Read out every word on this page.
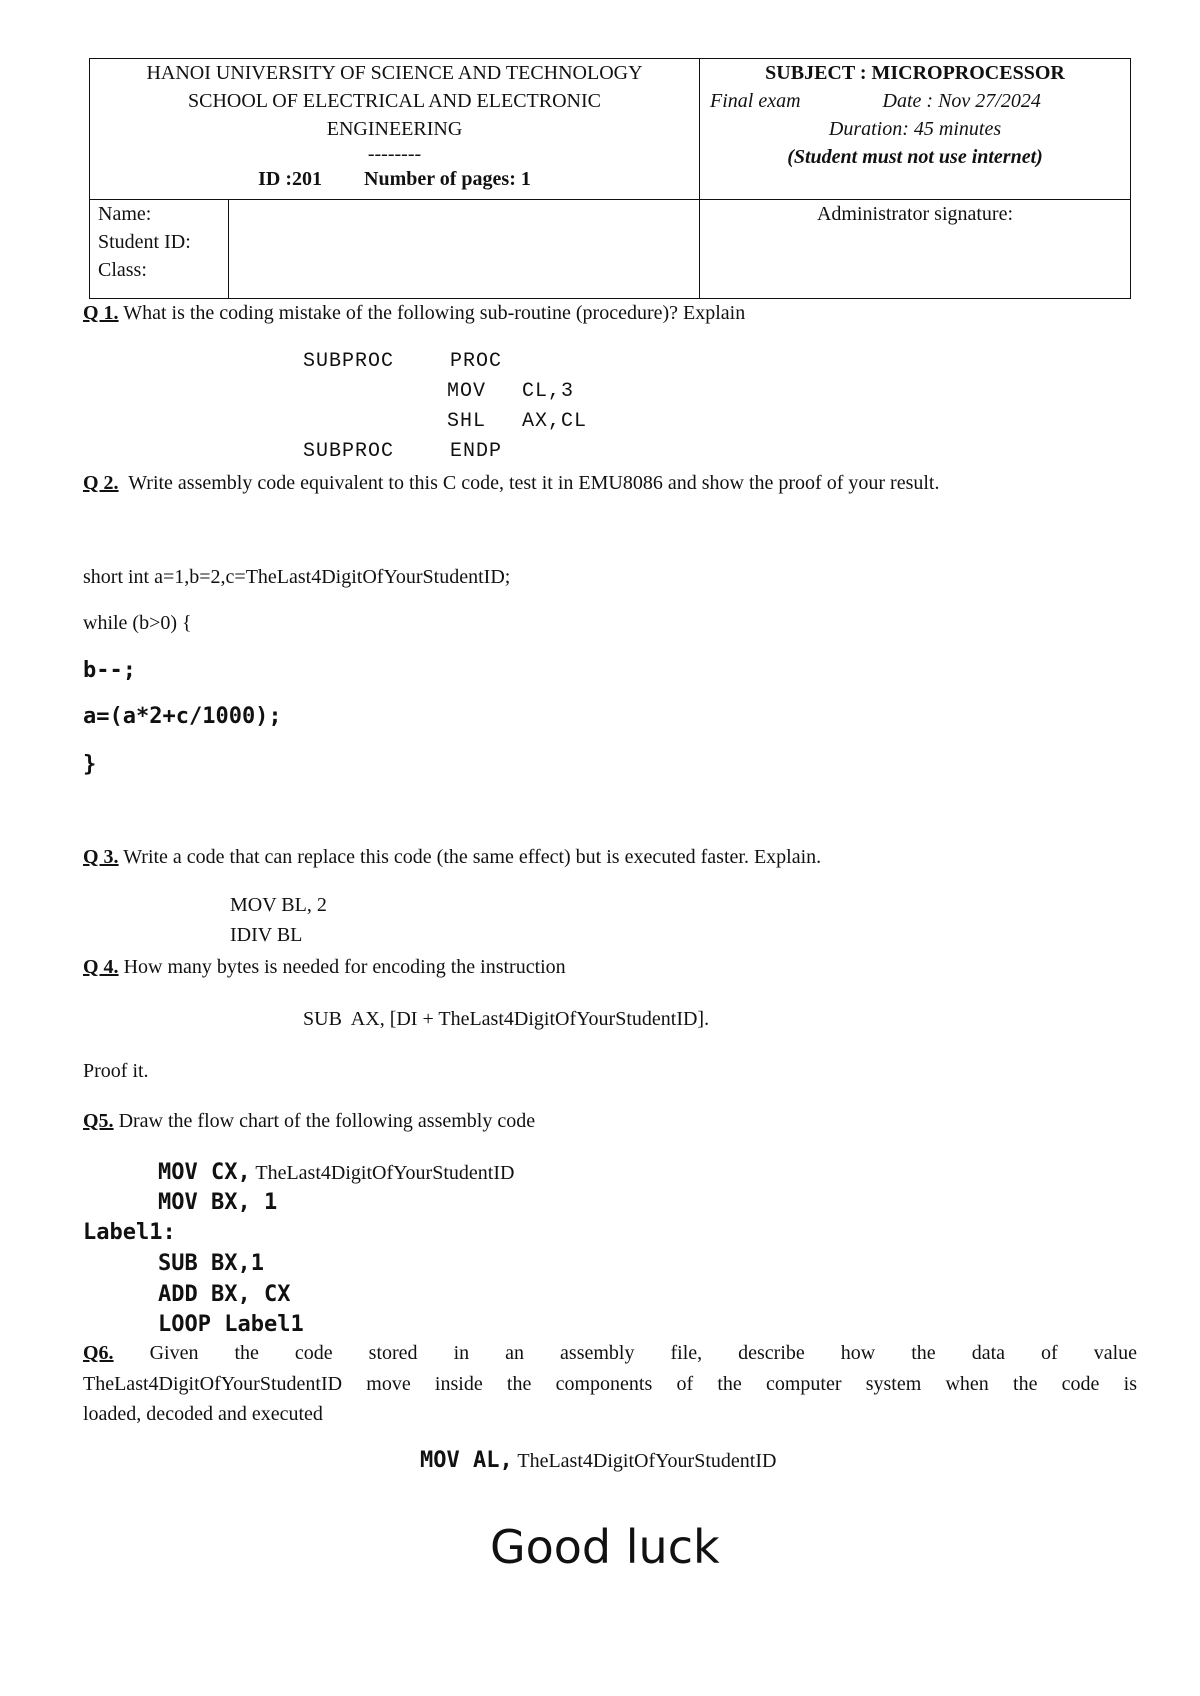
HANOI UNIVERSITY OF SCIENCE AND TECHNOLOGY
SCHOOL OF ELECTRICAL AND ELECTRONIC
ENGINEERING
--------
ID :201 Number of pages: 1		SUBJECT : MICROPROCESSOR
Final exam Date : Nov 27/2024
Duration: 45 minutes
(Student must not use internet)

Name:
Student ID:
Class:		Administrator signature:
Q 1. What is the coding mistake of the following sub-routine (procedure)? Explain
SUBPROC	PROC
MOV CL,3
SHL AX,CL
SUBPROC	ENDP
Q 2.  Write assembly code equivalent to this C code, test it in EMU8086 and show the proof of your result.
short int a=1,b=2,c=TheLast4DigitOfYourStudentID;
while (b>0) {
b--;
a=(a*2+c/1000);
}
Q 3. Write a code that can replace this code (the same effect) but is executed faster. Explain.
MOV BL, 2
IDIV BL
Q 4. How many bytes is needed for encoding the instruction
SUB  AX, [DI + TheLast4DigitOfYourStudentID].
Proof it.
Q5. Draw the flow chart of the following assembly code
MOV CX, TheLast4DigitOfYourStudentID
MOV BX, 1
Label1:
SUB BX,1
ADD BX, CX
LOOP Label1
Q6. Given the code stored in an assembly file, describe how the data of value
TheLast4DigitOfYourStudentID move inside the components of the computer system when the code is
loaded, decoded and executed
MOV AL, TheLast4DigitOfYourStudentID
Good luck
